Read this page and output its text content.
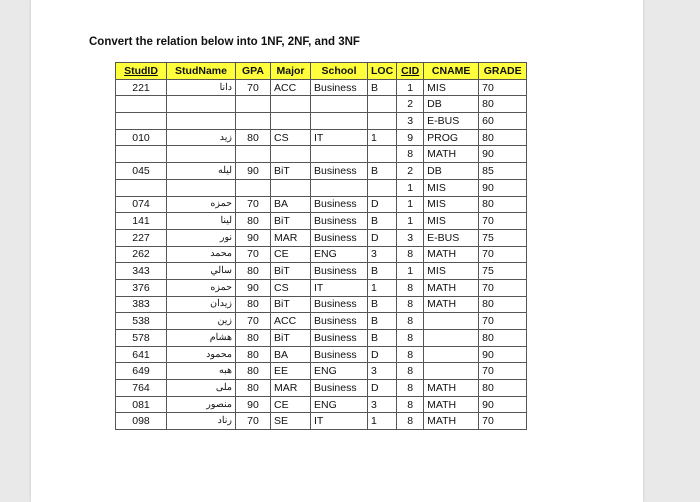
Convert the relation below into 1NF, 2NF, and 3NF
StudID	StudName	GPA	Major	School	LOC	CID	CNAME	GRADE
221	دانا	70	ACC	Business	B	1	MIS	70
						2	DB	80
						3	E-BUS	60
010	زيد	80	CS	IT	1	9	PROG	80
						8	MATH	90
045	ليله	90	BiT	Business	B	2	DB	85
						1	MIS	90
074	حمزه	70	BA	Business	D	1	MIS	80
141	لينا	80	BiT	Business	B	1	MIS	70
227	نور	90	MAR	Business	D	3	E-BUS	75
262	محمد	70	CE	ENG	3	8	MATH	70
343	سالي	80	BiT	Business	B	1	MIS	75
376	حمزه	90	CS	IT	1	8	MATH	70
383	زيدان	80	BiT	Business	B	8	MATH	80
538	زين	70	ACC	Business	B	8		70
578	هشام	80	BiT	Business	B	8		80
641	محمود	80	BA	Business	D	8		90
649	هبه	80	EE	ENG	3	8		70
764	ملى	80	MAR	Business	D	8	MATH	80
081	منصور	90	CE	ENG	3	8	MATH	90
098	رناد	70	SE	IT	1	8	MATH	70
